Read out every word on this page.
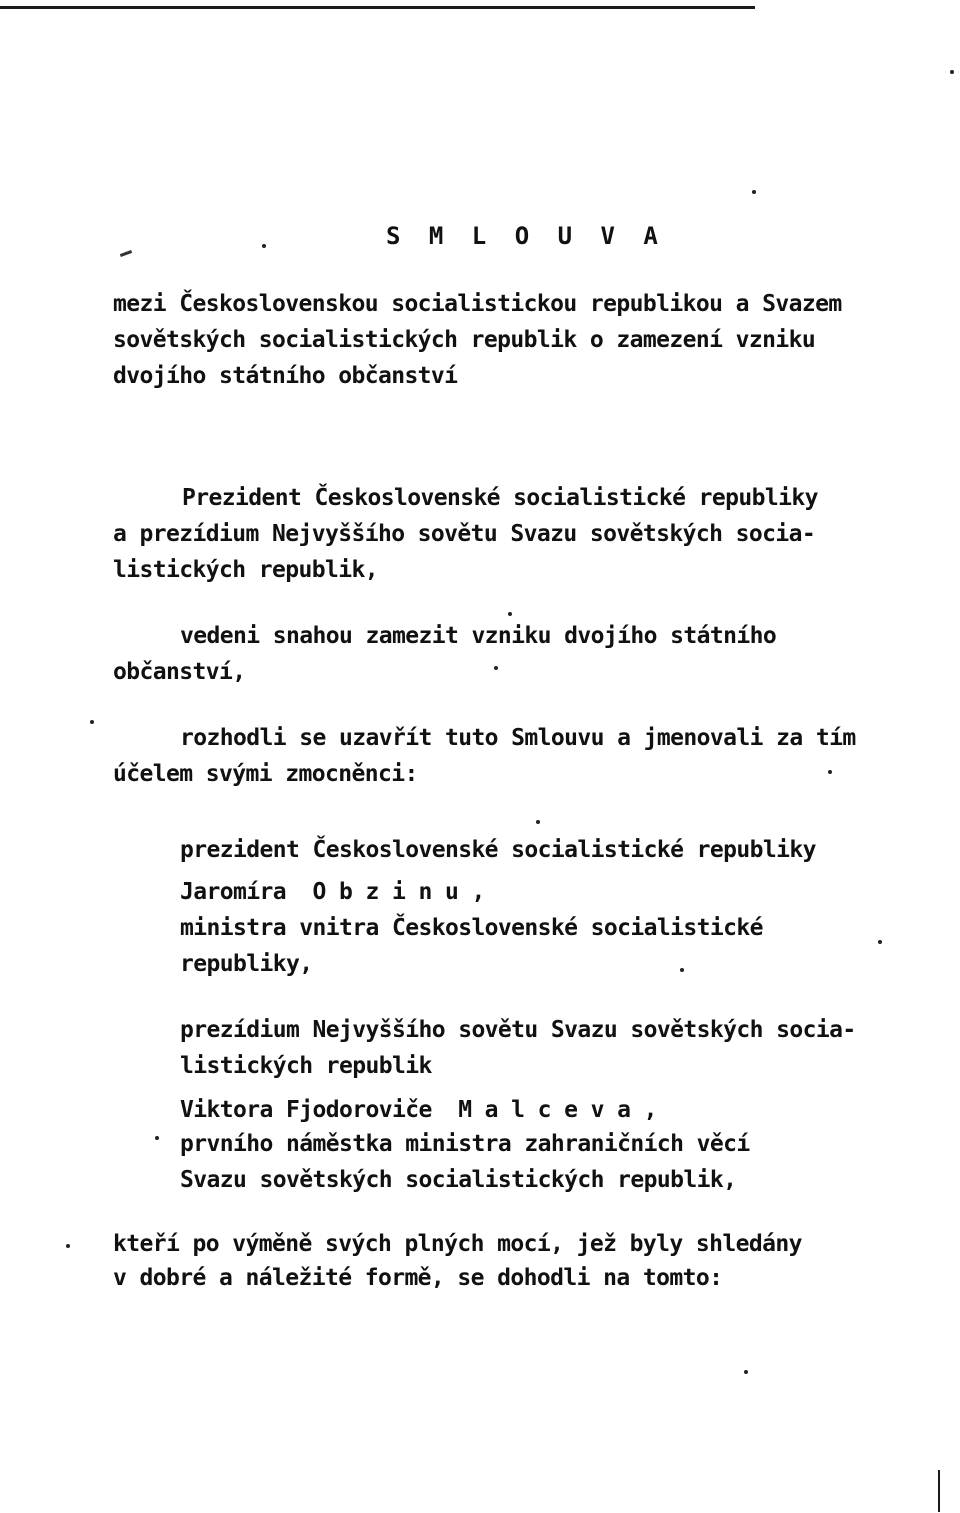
S M L O U V A
mezi Československou socialistickou republikou a Svazem
sovětských socialistických republik o zamezení vzniku
dvojího státního občanství
Prezident Československé socialistické republiky
a prezídium Nejvyššího sovětu Svazu sovětských socia-
listických republik,
vedeni snahou zamezit vzniku dvojího státního
občanství,
rozhodli se uzavřít tuto Smlouvu a jmenovali za tím
účelem svými zmocněnci:
prezident Československé socialistické republiky
Jaromíra  O b z i n u ,
ministra vnitra Československé socialistické
republiky,
prezídium Nejvyššího sovětu Svazu sovětských socia-
listických republik
Viktora Fjodoroviče  M a l c e v a ,
prvního náměstka ministra zahraničních věcí
Svazu sovětských socialistických republik,
kteří po výměně svých plných mocí, jež byly shledány
v dobré a náležité formě, se dohodli na tomto:
